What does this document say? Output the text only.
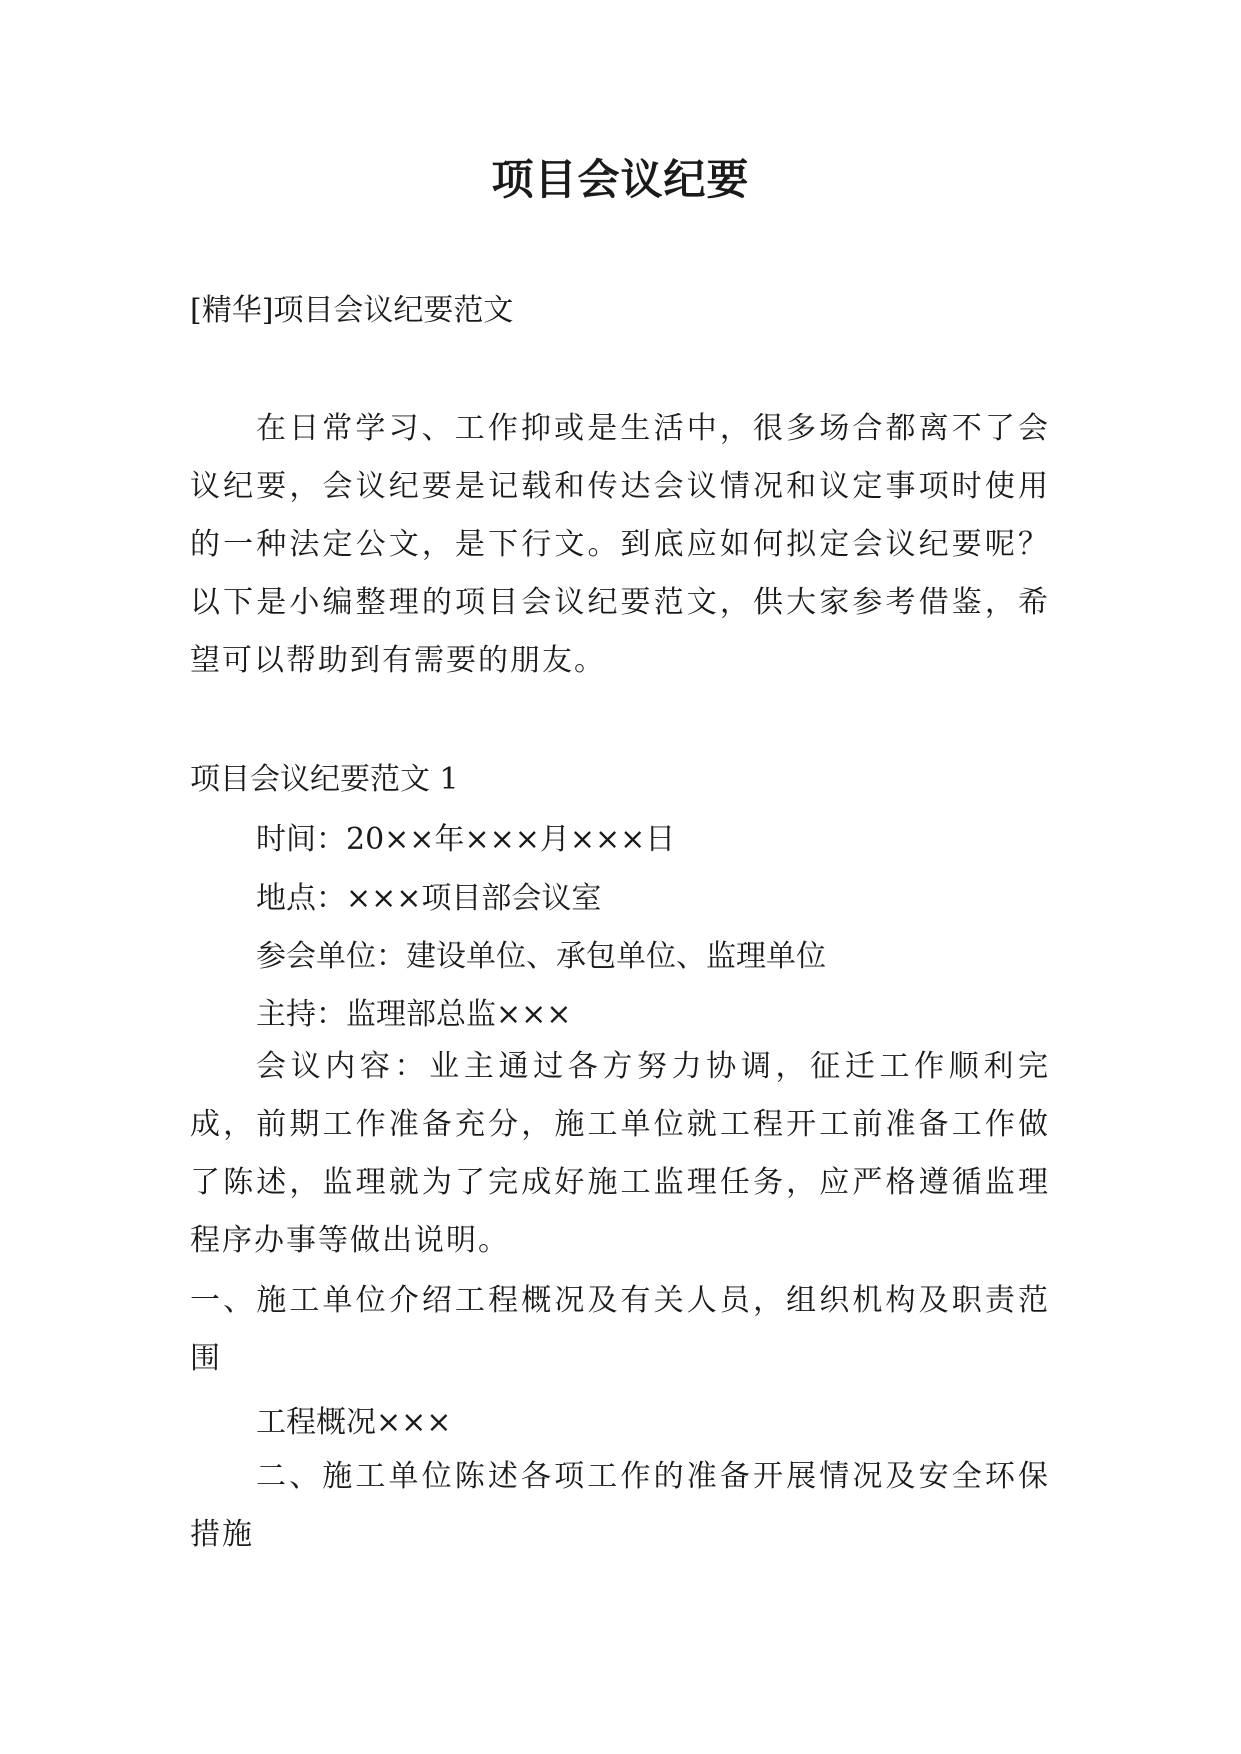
项目会议纪要
[精华]项目会议纪要范文
在日常学习、工作抑或是生活中，很多场合都离不了会议纪要，会议纪要是记载和传达会议情况和议定事项时使用的一种法定公文，是下行文。到底应如何拟定会议纪要呢？以下是小编整理的项目会议纪要范文，供大家参考借鉴，希望可以帮助到有需要的朋友。
项目会议纪要范文 1
时间：20××年×××月×××日
地点：×××项目部会议室
参会单位：建设单位、承包单位、监理单位
主持：监理部总监×××
会议内容：业主通过各方努力协调，征迁工作顺利完成，前期工作准备充分，施工单位就工程开工前准备工作做了陈述，监理就为了完成好施工监理任务，应严格遵循监理程序办事等做出说明。
一、施工单位介绍工程概况及有关人员，组织机构及职责范围
工程概况×××
二、施工单位陈述各项工作的准备开展情况及安全环保措施
